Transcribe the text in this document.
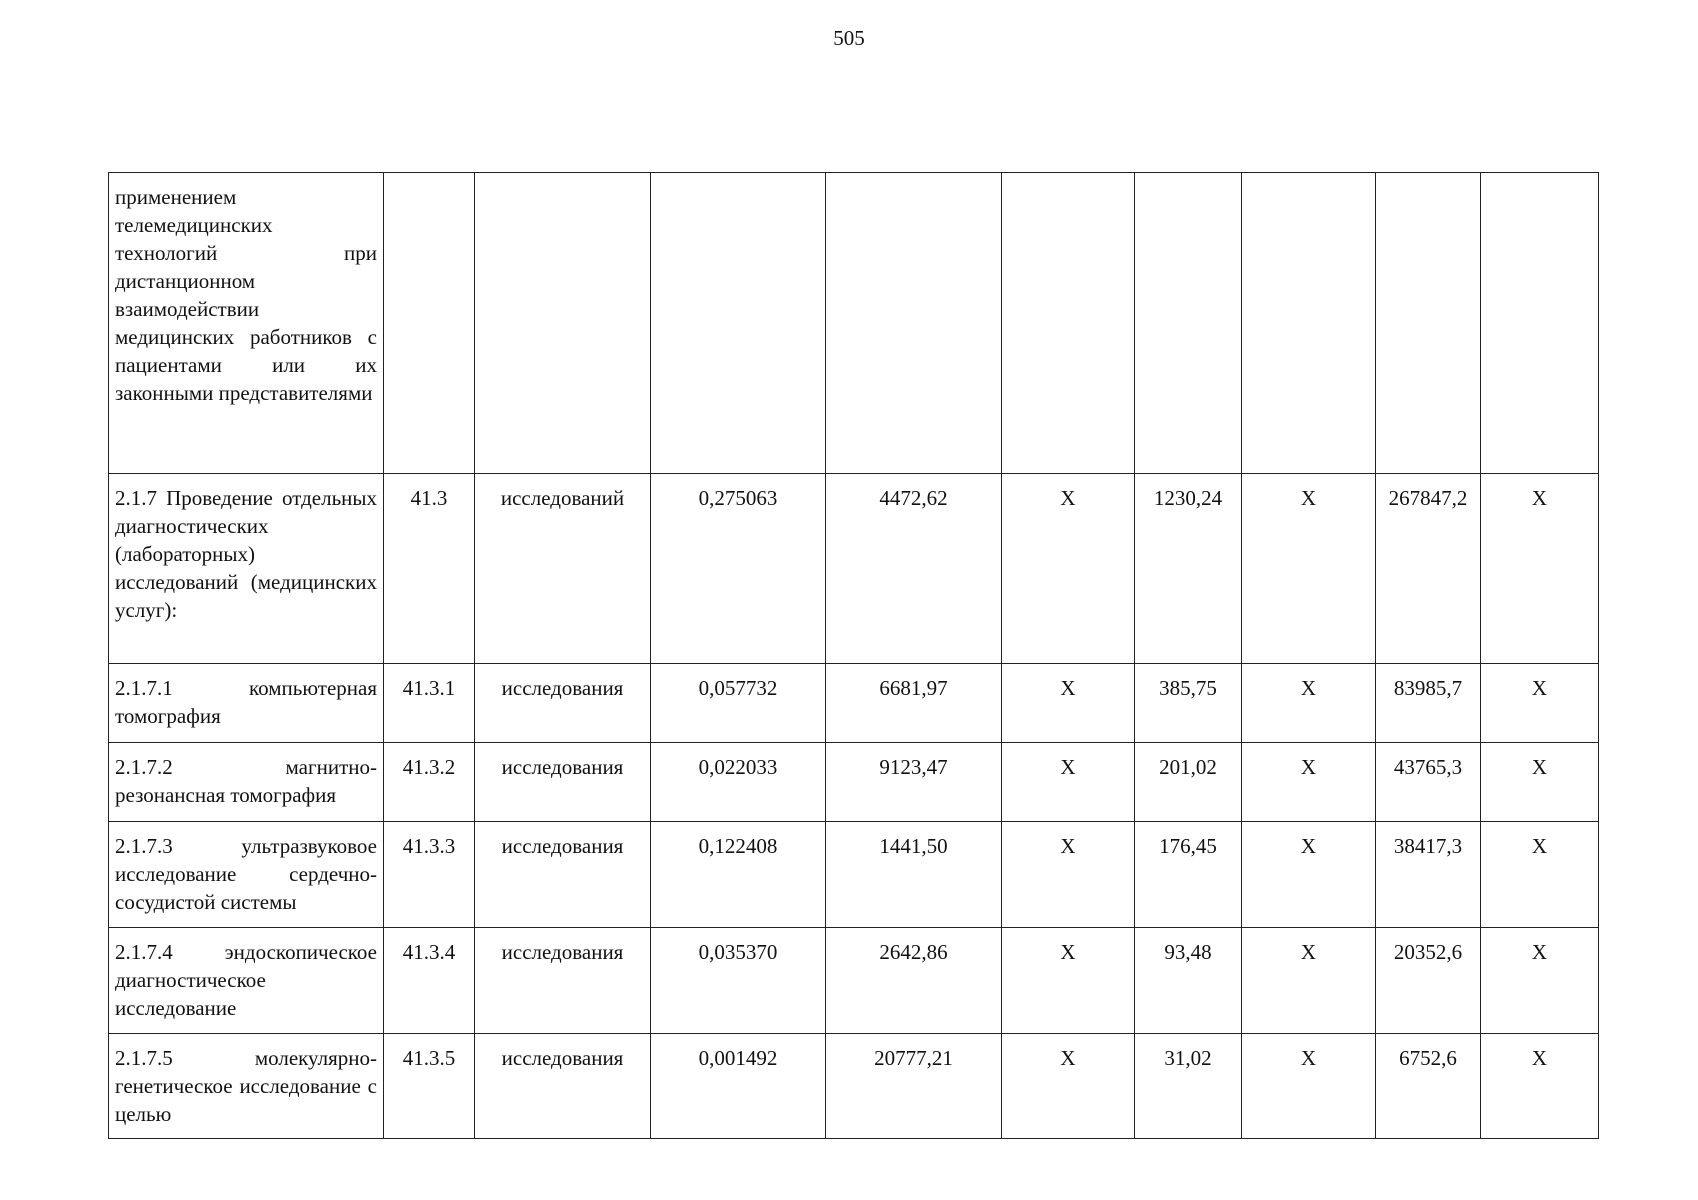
505
применением телемедицинских технологий при дистанционном взаимодействии медицинских работников с пациентами или их законными представителями									
2.1.7 Проведение отдельных диагностических (лабораторных) исследований (медицинских услуг):	41.3	исследований	0,275063	4472,62	Х	1230,24	Х	267847,2	Х
2.1.7.1 компьютерная томография	41.3.1	исследования	0,057732	6681,97	Х	385,75	Х	83985,7	Х
2.1.7.2 магнитно-резонансная томография	41.3.2	исследования	0,022033	9123,47	Х	201,02	Х	43765,3	Х
2.1.7.3 ультразвуковое исследование сердечно-сосудистой системы	41.3.3	исследования	0,122408	1441,50	Х	176,45	Х	38417,3	Х
2.1.7.4 эндоскопическое диагностическое исследование	41.3.4	исследования	0,035370	2642,86	Х	93,48	Х	20352,6	Х
2.1.7.5 молекулярно-генетическое исследование с целью	41.3.5	исследования	0,001492	20777,21	Х	31,02	Х	6752,6	Х
